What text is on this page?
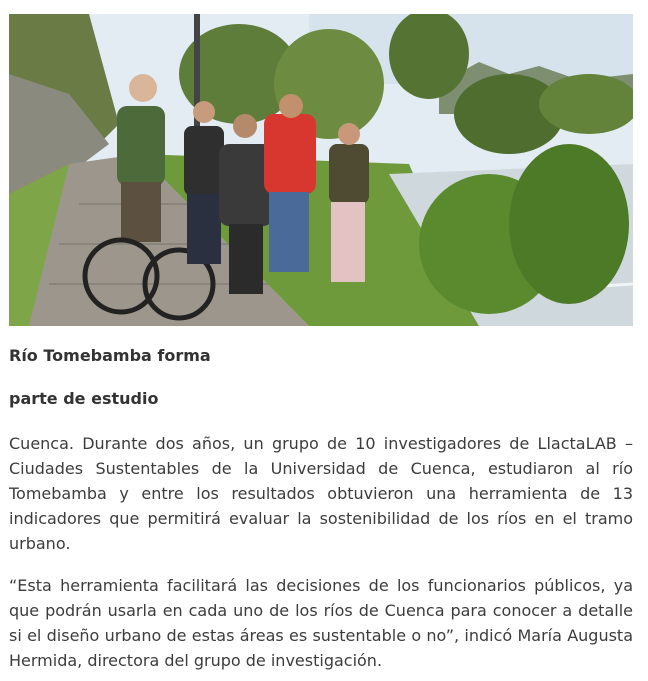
Río Tomebamba forma

parte de estudio

Cuenca. Durante dos años, un grupo de 10 investigadores de LlactaLAB – Ciudades Sustentables de la Universidad de Cuenca, estudiaron al río Tomebamba y entre los resultados obtuvieron una herramienta de 13 indicadores que permitirá evaluar la sostenibilidad de los ríos en el tramo urbano.

“Esta herramienta facilitará las decisiones de los funcionarios públicos, ya que podrán usarla en cada uno de los ríos de Cuenca para conocer a detalle si el diseño urbano de estas áreas es sustentable o no”, indicó María Augusta Hermida, directora del grupo de investigación.
